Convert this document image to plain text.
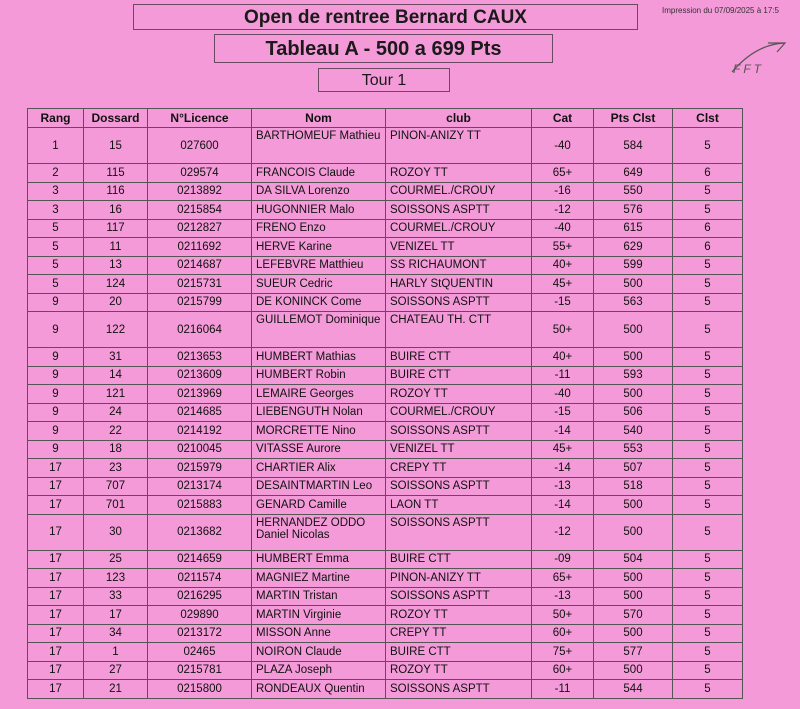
Open de rentree Bernard CAUX
Tableau A - 500 a 699 Pts
Tour 1
Impression du 07/09/2025 à 17:5
FFT
Rang	Dossard	N°Licence	Nom	club	Cat	Pts Clst	Clst
1	15	027600	BARTHOMEUF Mathieu	PINON-ANIZY TT	-40	584	5
2	115	029574	FRANCOIS Claude	ROZOY TT	65+	649	6
3	116	0213892	DA SILVA Lorenzo	COURMEL./CROUY	-16	550	5
3	16	0215854	HUGONNIER Malo	SOISSONS ASPTT	-12	576	5
5	117	0212827	FRENO Enzo	COURMEL./CROUY	-40	615	6
5	11	0211692	HERVE Karine	VENIZEL TT	55+	629	6
5	13	0214687	LEFEBVRE Matthieu	SS RICHAUMONT	40+	599	5
5	124	0215731	SUEUR Cedric	HARLY StQUENTIN	45+	500	5
9	20	0215799	DE KONINCK Come	SOISSONS ASPTT	-15	563	5
9	122	0216064	GUILLEMOT Dominique	CHATEAU TH. CTT	50+	500	5
9	31	0213653	HUMBERT Mathias	BUIRE CTT	40+	500	5
9	14	0213609	HUMBERT Robin	BUIRE CTT	-11	593	5
9	121	0213969	LEMAIRE Georges	ROZOY TT	-40	500	5
9	24	0214685	LIEBENGUTH Nolan	COURMEL./CROUY	-15	506	5
9	22	0214192	MORCRETTE Nino	SOISSONS ASPTT	-14	540	5
9	18	0210045	VITASSE Aurore	VENIZEL TT	45+	553	5
17	23	0215979	CHARTIER Alix	CREPY TT	-14	507	5
17	707	0213174	DESAINTMARTIN Leo	SOISSONS ASPTT	-13	518	5
17	701	0215883	GENARD Camille	LAON TT	-14	500	5
17	30	0213682	HERNANDEZ ODDO Daniel Nicolas	SOISSONS ASPTT	-12	500	5
17	25	0214659	HUMBERT Emma	BUIRE CTT	-09	504	5
17	123	0211574	MAGNIEZ Martine	PINON-ANIZY TT	65+	500	5
17	33	0216295	MARTIN Tristan	SOISSONS ASPTT	-13	500	5
17	17	029890	MARTIN Virginie	ROZOY TT	50+	570	5
17	34	0213172	MISSON Anne	CREPY TT	60+	500	5
17	1	02465	NOIRON Claude	BUIRE CTT	75+	577	5
17	27	0215781	PLAZA Joseph	ROZOY TT	60+	500	5
17	21	0215800	RONDEAUX Quentin	SOISSONS ASPTT	-11	544	5
